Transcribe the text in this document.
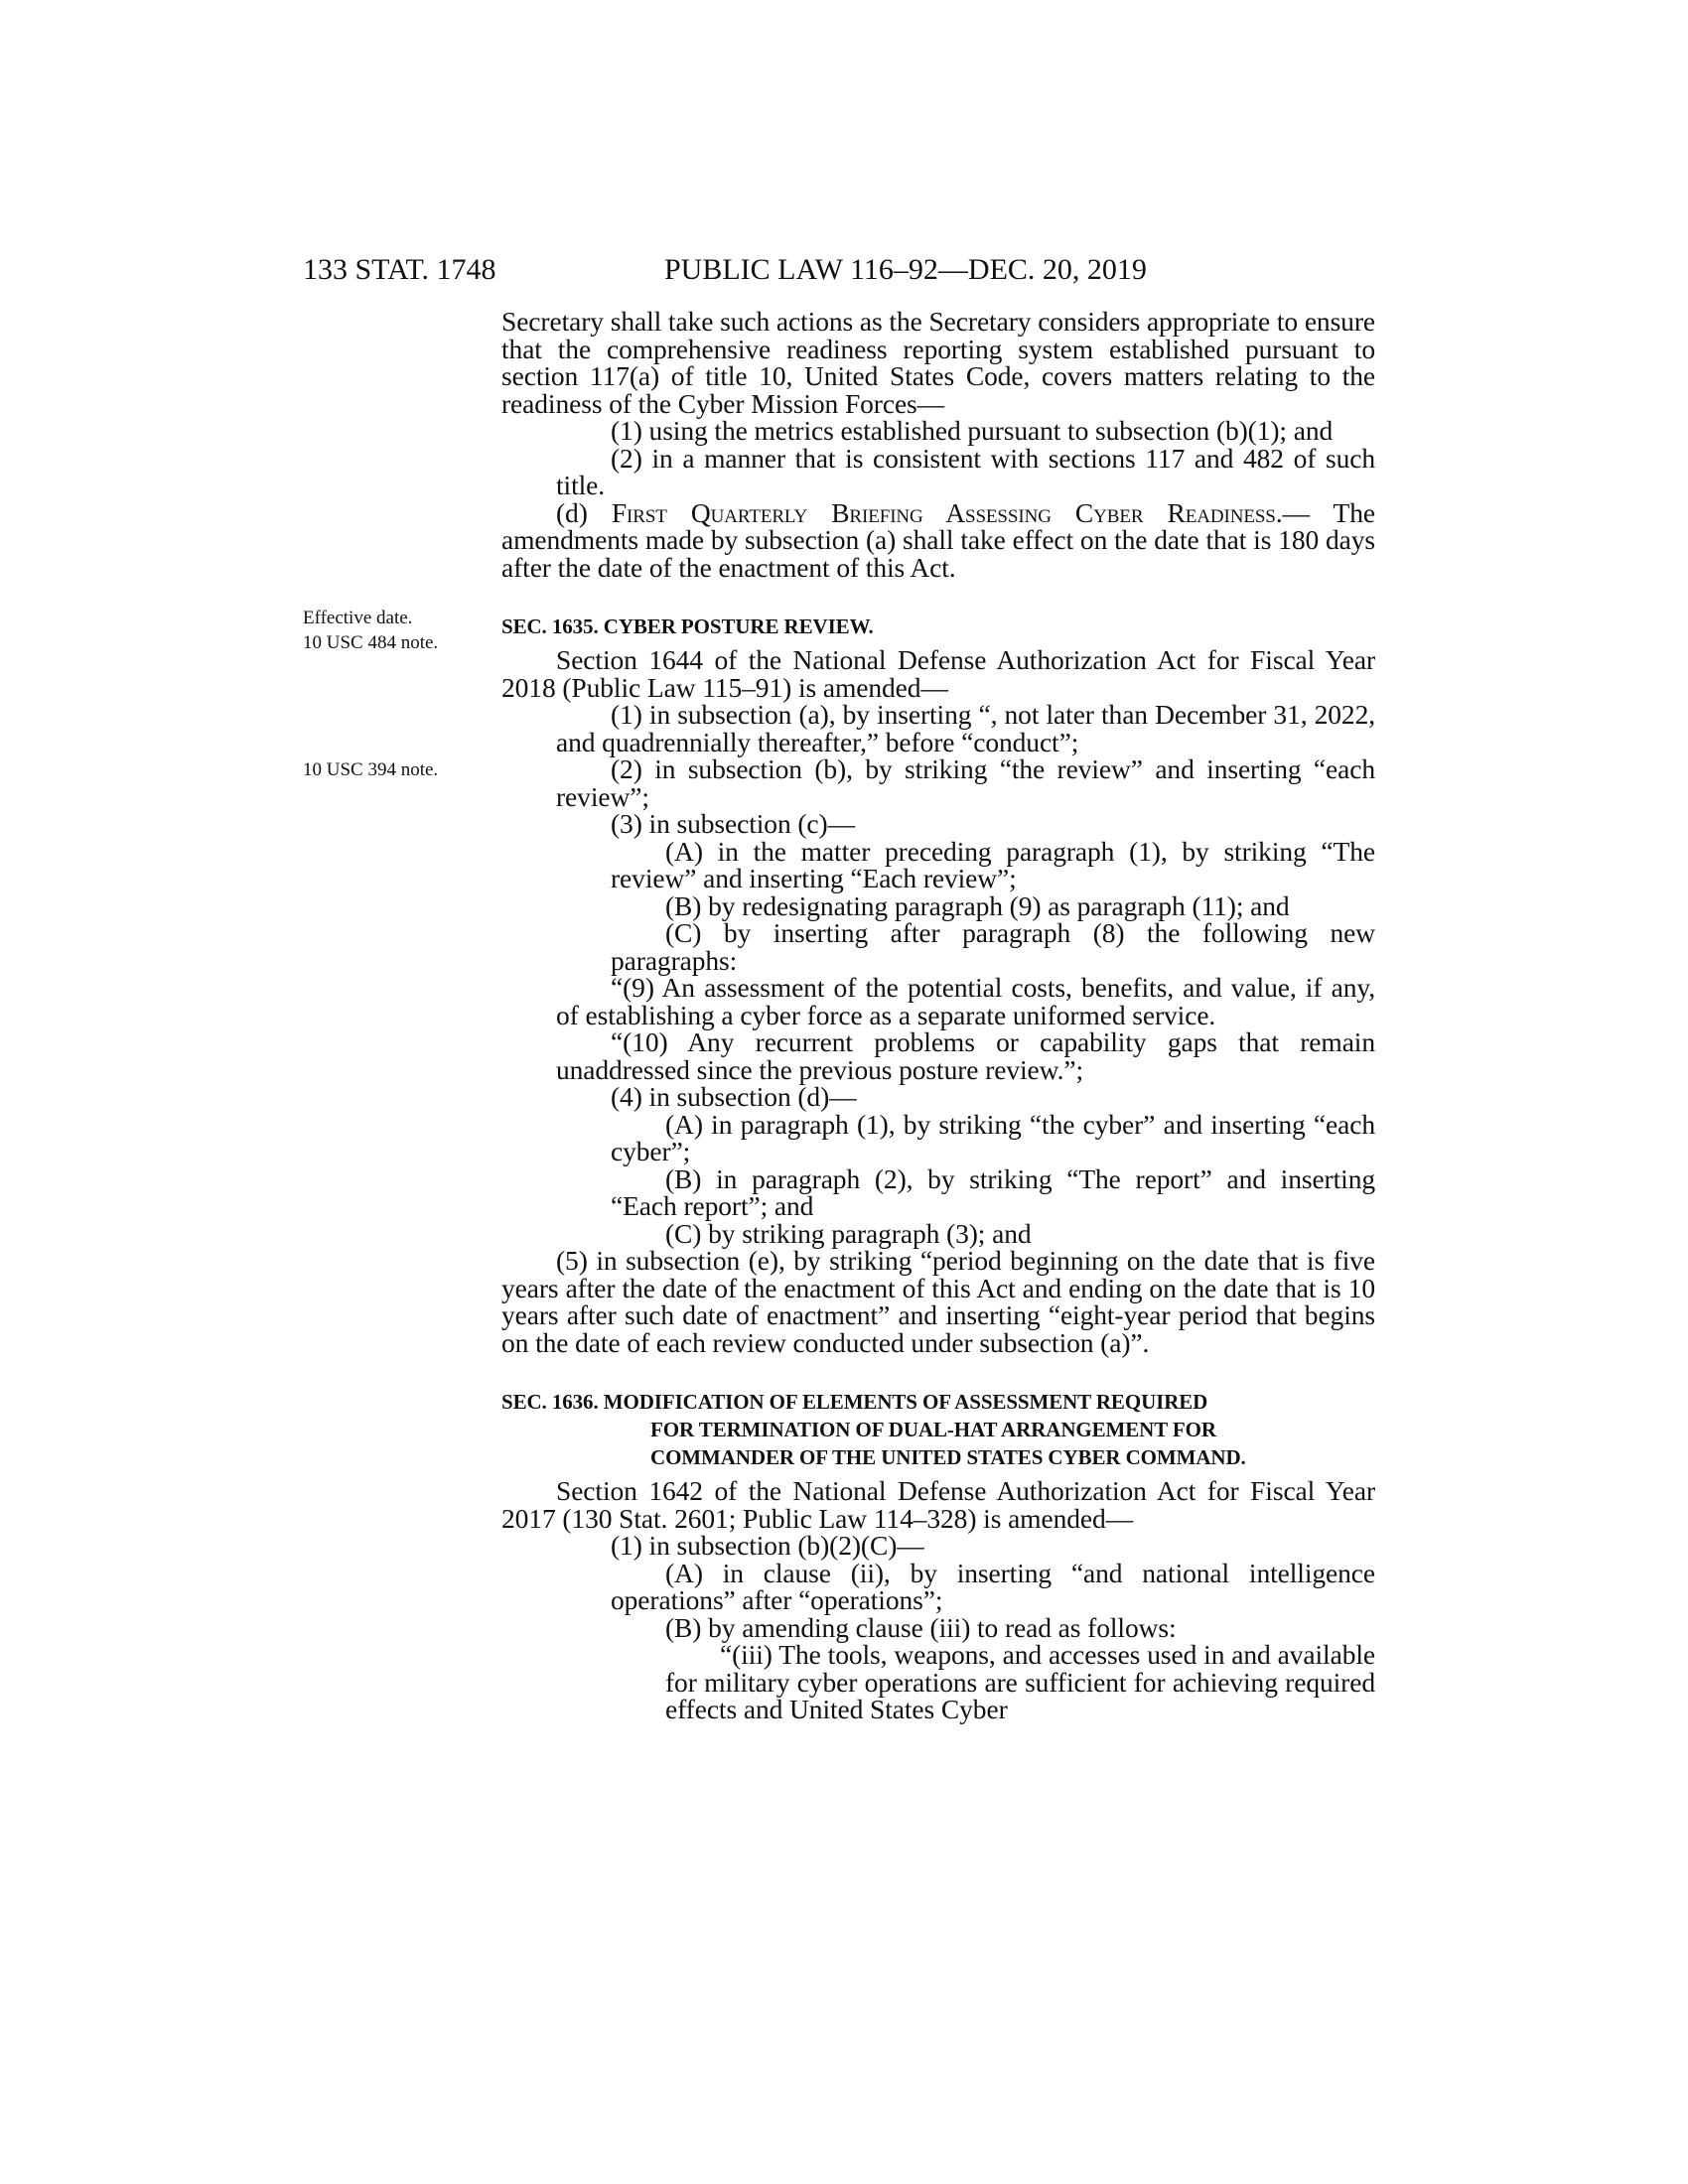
133 STAT. 1748	PUBLIC LAW 116–92—DEC. 20, 2019
Effective date.
10 USC 484 note.
10 USC 394 note.

Secretary shall take such actions as the Secretary considers appropriate to ensure that the comprehensive readiness reporting system established pursuant to section 117(a) of title 10, United States Code, covers matters relating to the readiness of the Cyber Mission Forces—

(1) using the metrics established pursuant to subsection (b)(1); and

(2) in a manner that is consistent with sections 117 and 482 of such title.

(d) First Quarterly Briefing Assessing Cyber Readiness.— The amendments made by subsection (a) shall take effect on the date that is 180 days after the date of the enactment of this Act.

SEC. 1635. CYBER POSTURE REVIEW.

Section 1644 of the National Defense Authorization Act for Fiscal Year 2018 (Public Law 115–91) is amended—

(1) in subsection (a), by inserting “, not later than December 31, 2022, and quadrennially thereafter,” before “conduct”;

(2) in subsection (b), by striking “the review” and inserting “each review”;

(3) in subsection (c)—

(A) in the matter preceding paragraph (1), by striking “The review” and inserting “Each review”;

(B) by redesignating paragraph (9) as paragraph (11); and

(C) by inserting after paragraph (8) the following new paragraphs:

“(9) An assessment of the potential costs, benefits, and value, if any, of establishing a cyber force as a separate uniformed service.

“(10) Any recurrent problems or capability gaps that remain unaddressed since the previous posture review.”;

(4) in subsection (d)—

(A) in paragraph (1), by striking “the cyber” and inserting “each cyber”;

(B) in paragraph (2), by striking “The report” and inserting “Each report”; and

(C) by striking paragraph (3); and

(5) in subsection (e), by striking “period beginning on the date that is five years after the date of the enactment of this Act and ending on the date that is 10 years after such date of enactment” and inserting “eight-year period that begins on the date of each review conducted under subsection (a)”.

SEC. 1636. MODIFICATION OF ELEMENTS OF ASSESSMENT REQUIRED
FOR TERMINATION OF DUAL-HAT ARRANGEMENT FOR
COMMANDER OF THE UNITED STATES CYBER COMMAND.

Section 1642 of the National Defense Authorization Act for Fiscal Year 2017 (130 Stat. 2601; Public Law 114–328) is amended—

(1) in subsection (b)(2)(C)—

(A) in clause (ii), by inserting “and national intelligence operations” after “operations”;

(B) by amending clause (iii) to read as follows:

“(iii) The tools, weapons, and accesses used in and available for military cyber operations are sufficient for achieving required effects and United States Cyber
